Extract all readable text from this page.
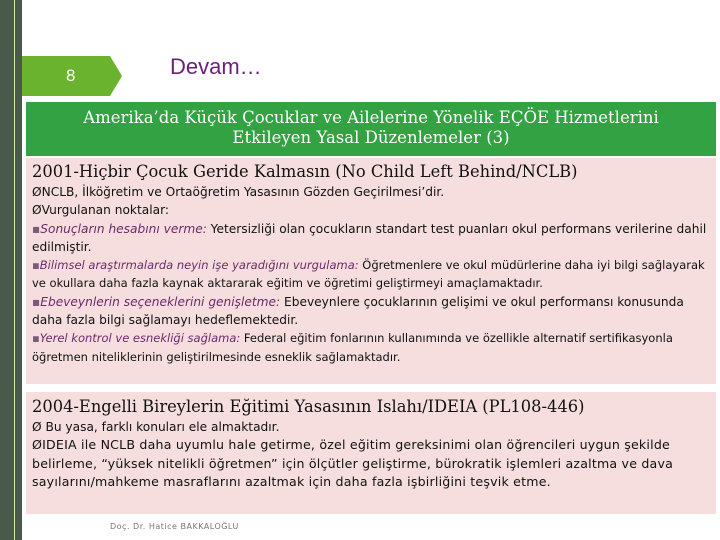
8	Devam…
Amerika’da Küçük Çocuklar ve Ailelerine Yönelik EÇÖE Hizmetlerini
Etkileyen Yasal Düzenlemeler (3)
2001-Hiçbir Çocuk Geride Kalmasın (No Child Left Behind/NCLB)
ØNCLB, İlköğretim ve Ortaöğretim Yasasının Gözden Geçirilmesi’dir.
ØVurgulanan noktalar:
▪Sonuçların hesabını verme: Yetersizliği olan çocukların standart test puanları okul performans verilerine dahil edilmiştir.
▪Bilimsel araştırmalarda neyin işe yaradığını vurgulama: Öğretmenlere ve okul müdürlerine daha iyi bilgi sağlayarak ve okullara daha fazla kaynak aktararak eğitim ve öğretimi geliştirmeyi amaçlamaktadır.
▪Ebeveynlerin seçeneklerini genişletme: Ebeveynlere çocuklarının gelişimi ve okul performansı konusunda daha fazla bilgi sağlamayı hedeflemektedir.
▪Yerel kontrol ve esnekliği sağlama: Federal eğitim fonlarının kullanımında ve özellikle alternatif sertifikasyonla öğretmen niteliklerinin geliştirilmesinde esneklik sağlamaktadır.
2004-Engelli Bireylerin Eğitimi Yasasının Islahı/IDEIA (PL108-446)
Ø Bu yasa, farklı konuları ele almaktadır.
ØIDEIA ile NCLB daha uyumlu hale getirme, özel eğitim gereksinimi olan öğrencileri uygun şekilde belirleme, “yüksek nitelikli öğretmen” için ölçütler geliştirme, bürokratik işlemleri azaltma ve dava sayılarını/mahkeme masraflarını azaltmak için daha fazla işbirliğini teşvik etme.
Doç. Dr. Hatice BAKKALOĞLU
